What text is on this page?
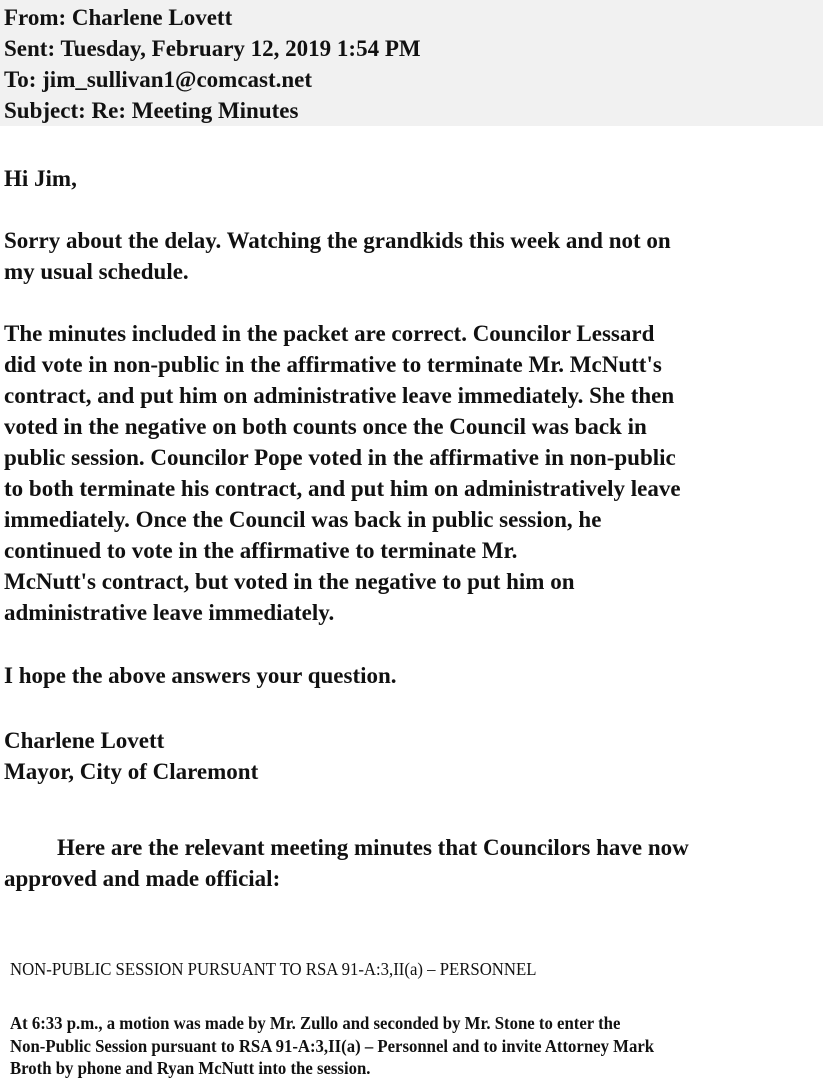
From: Charlene Lovett
Sent: Tuesday, February 12, 2019 1:54 PM
To: jim_sullivan1@comcast.net
Subject: Re: Meeting Minutes
Hi Jim,
Sorry about the delay. Watching the grandkids this week and not on
my usual schedule.
The minutes included in the packet are correct. Councilor Lessard
did vote in non-public in the affirmative to terminate Mr. McNutt's
contract, and put him on administrative leave immediately. She then
voted in the negative on both counts once the Council was back in
public session. Councilor Pope voted in the affirmative in non-public
to both terminate his contract, and put him on administratively leave
immediately. Once the Council was back in public session, he
continued to vote in the affirmative to terminate Mr.
McNutt's contract, but voted in the negative to put him on
administrative leave immediately.
I hope the above answers your question.
Charlene Lovett
Mayor, City of Claremont
Here are the relevant meeting minutes that Councilors have now
approved and made official:
NON-PUBLIC SESSION PURSUANT TO RSA 91-A:3,II(a) – PERSONNEL
At 6:33 p.m., a motion was made by Mr. Zullo and seconded by Mr. Stone to enter the
Non-Public Session pursuant to RSA 91-A:3,II(a) – Personnel and to invite Attorney Mark
Broth by phone and Ryan McNutt into the session.
